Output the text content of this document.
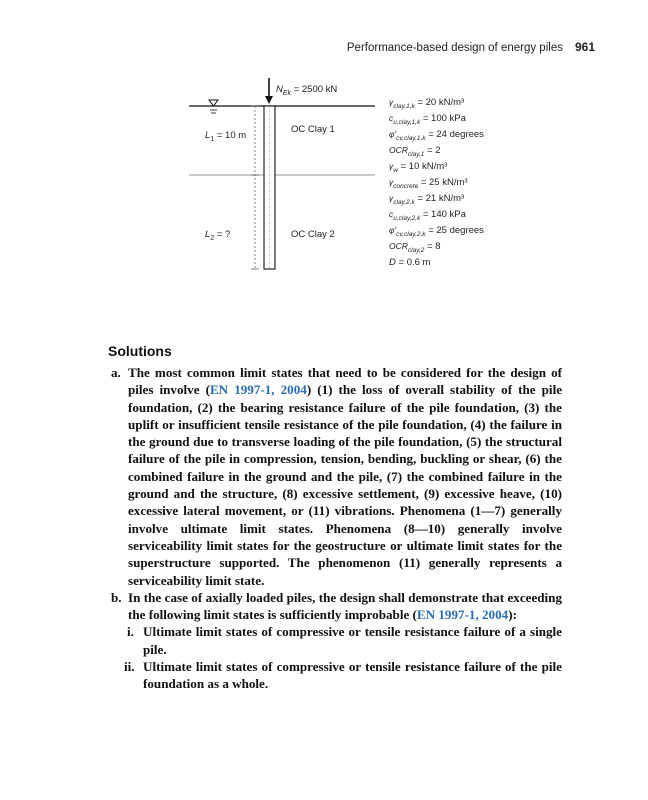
Performance-based design of energy piles 961
$N_{Ek} = 2500$ kN
OC Clay 1
OC Clay 2
$L_1 = 10$ m
$L_2$ = ?
$\gamma_{clay,1,k} = 20$ kN/m³
$c_{u,clay,1,k} = 100$ kPa
$\varphi'_{cv,clay,1,k} = 24$ degrees
$OCR_{clay,1} = 2$
$\gamma_w = 10$ kN/m³
$\gamma_{concrete} = 25$ kN/m³
$\gamma_{clay,2,k} = 21$ kN/m³
$c_{u,clay,2,k} = 140$ kPa
$\varphi'_{cv,clay,2,k} = 25$ degrees
$OCR_{clay,2} = 8$
D = 0.6 m
Solutions
a. The most common limit states that need to be considered for the design of piles involve (EN 1997-1, 2004) (1) the loss of overall stability of the pile foundation, (2) the bearing resistance failure of the pile foundation, (3) the uplift or insufficient tensile resistance of the pile foundation, (4) the failure in the ground due to transverse loading of the pile foundation, (5) the structural failure of the pile in compression, tension, bending, buckling or shear, (6) the combined failure in the ground and the pile, (7) the combined failure in the ground and the structure, (8) excessive settlement, (9) excessive heave, (10) excessive lateral movement, or (11) vibrations. Phenomena (1—7) generally involve ultimate limit states. Phenomena (8—10) generally involve serviceability limit states for the geostructure or ultimate limit states for the superstructure supported. The phenomenon (11) generally represents a serviceability limit state.
b. In the case of axially loaded piles, the design shall demonstrate that exceeding the following limit states is sufficiently improbable (EN 1997-1, 2004):
i. Ultimate limit states of compressive or tensile resistance failure of a single pile.
ii. Ultimate limit states of compressive or tensile resistance failure of the pile foundation as a whole.
